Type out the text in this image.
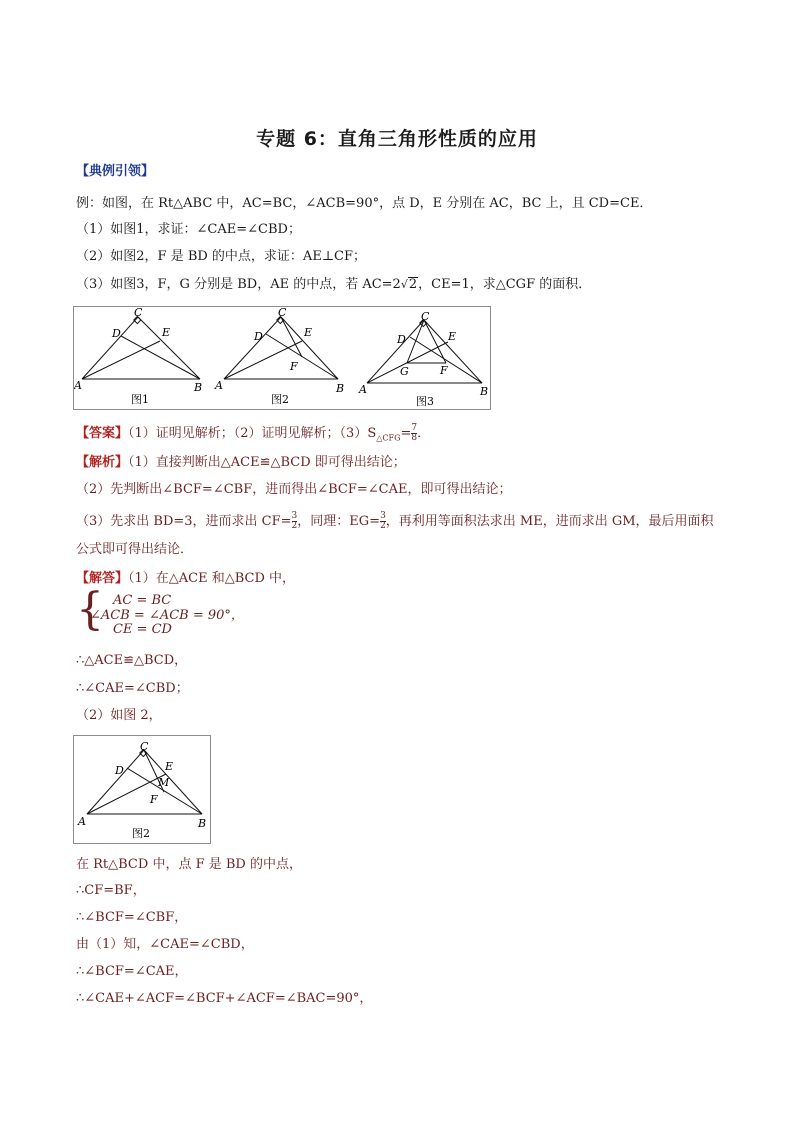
专题 6：直角三角形性质的应用
【典例引领】
例：如图，在 Rt△ABC 中，AC=BC，∠ACB=90°，点 D，E 分别在 AC，BC 上，且 CD=CE．
（1）如图1，求证：∠CAE=∠CBD；
（2）如图2，F 是 BD 的中点，求证：AE⊥CF；
（3）如图3，F，G 分别是 BD，AE 的中点，若 AC=2√2，CE=1，求△CGF 的面积．
C
D	E
A	B
图1
C
D	E
F
A	B
图2
C
D	E
G	F
A	B
图3
【答案】（1）证明见解析；（2）证明见解析；$(3)S_{\triangle CFG}= \frac{7}{8}$ ．
【解析】（1）直接判断出△ACE≌△BCD 即可得出结论；
（2）先判断出∠BCF=∠CBF，进而得出∠BCF=∠CAE，即可得出结论；
（3）先求出 BD=3，进而求出 $CF= \frac{3}{2}$ ，同理：$EG= \frac{3}{2}$ ，再利用等面积法求出 ME，进而求出 GM，最后用面积
公式即可得出结论．
【解答】（1）在△ACE 和△BCD 中，
{ AC = BC
∠ACB = ∠ACB = 90°，
CE = CD
∴△ACE≌△BCD，
∴∠CAE=∠CBD；
（2）如图 2，
C
D	E
M
F
A	B
图2
在 Rt△BCD 中，点 F 是 BD 的中点，
∴CF=BF，
∴∠BCF=∠CBF，
由（1）知，∠CAE=∠CBD，
∴∠BCF=∠CAE，
∴∠CAE+∠ACF=∠BCF+∠ACF=∠BAC=90°，
